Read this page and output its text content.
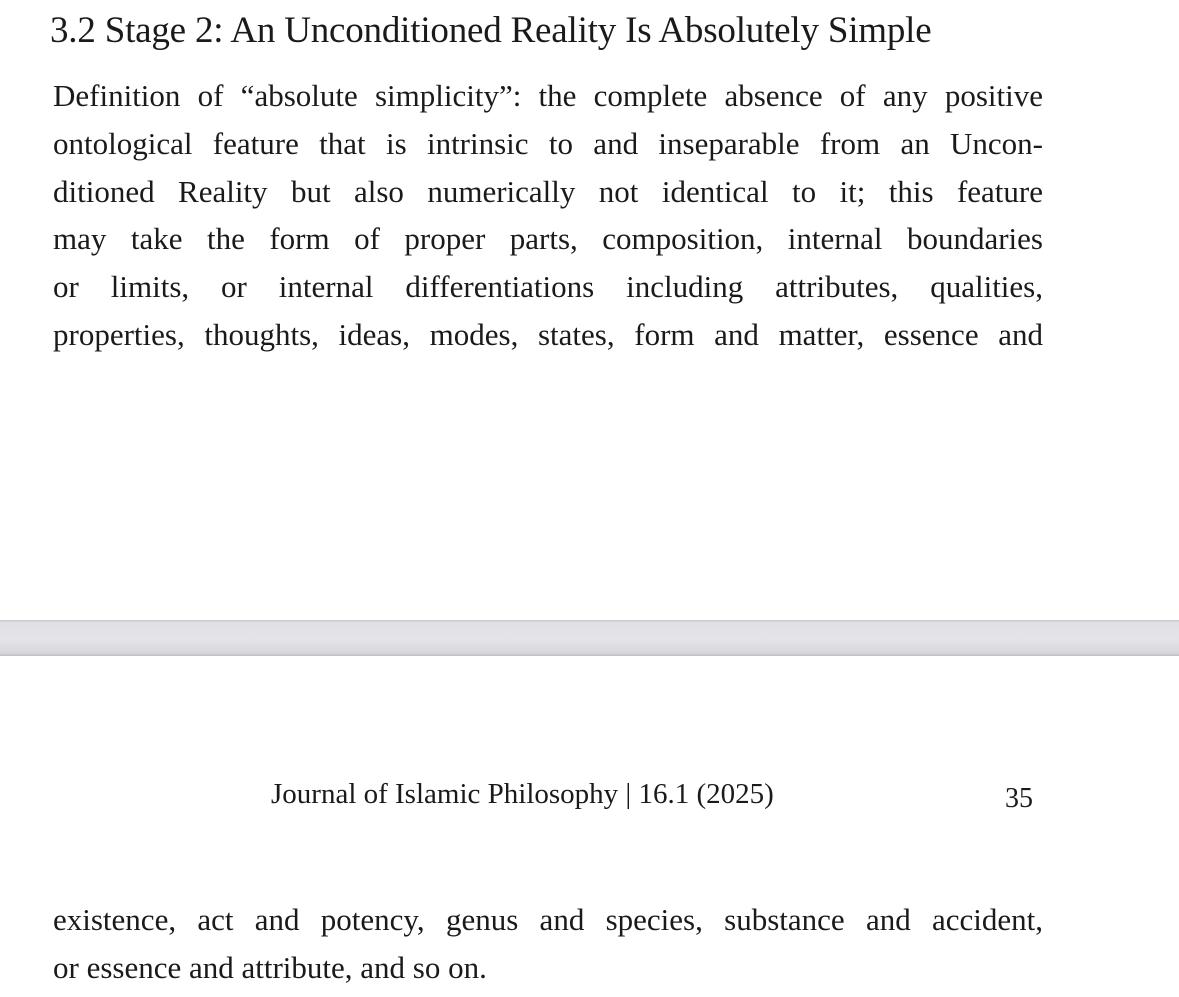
3.2 Stage 2: An Unconditioned Reality Is Absolutely Simple
Definition of “absolute simplicity”: the complete absence of any positive
ontological feature that is intrinsic to and inseparable from an Uncon-
ditioned Reality but also numerically not identical to it; this feature
may take the form of proper parts, composition, internal boundaries
or limits, or internal differentiations including attributes, qualities,
properties, thoughts, ideas, modes, states, form and matter, essence and
Journal of Islamic Philosophy | 16.1 (2025)	35
existence, act and potency, genus and species, substance and accident,
or essence and attribute, and so on.
